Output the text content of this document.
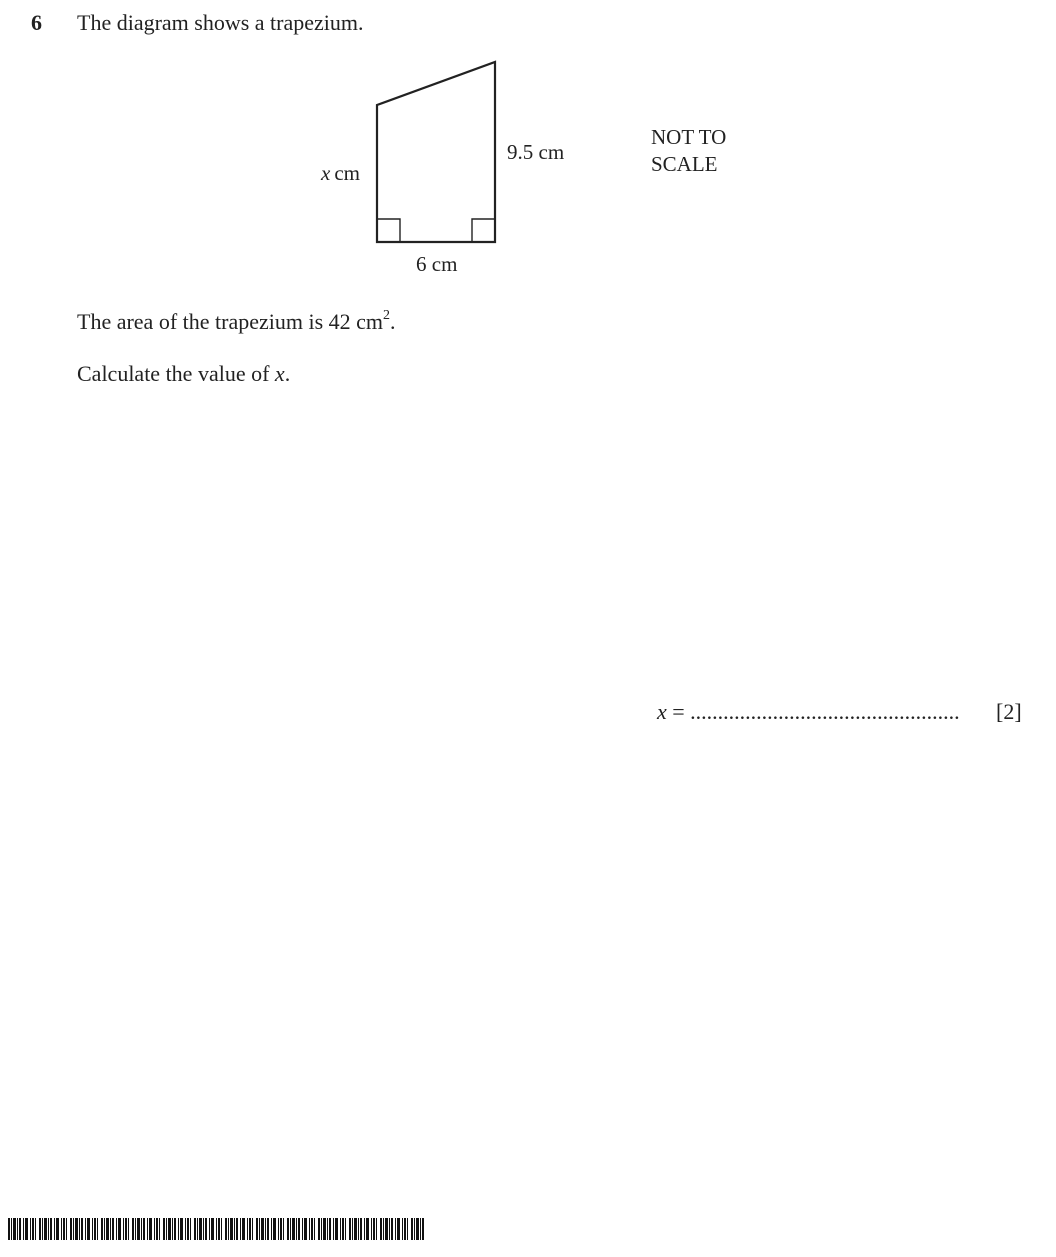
6 The diagram shows a trapezium.
x cm
9.5 cm
6 cm
NOT TO
SCALE
The area of the trapezium is 42 $cm^2$.
Calculate the value of x.
x = ................................................. [2]
